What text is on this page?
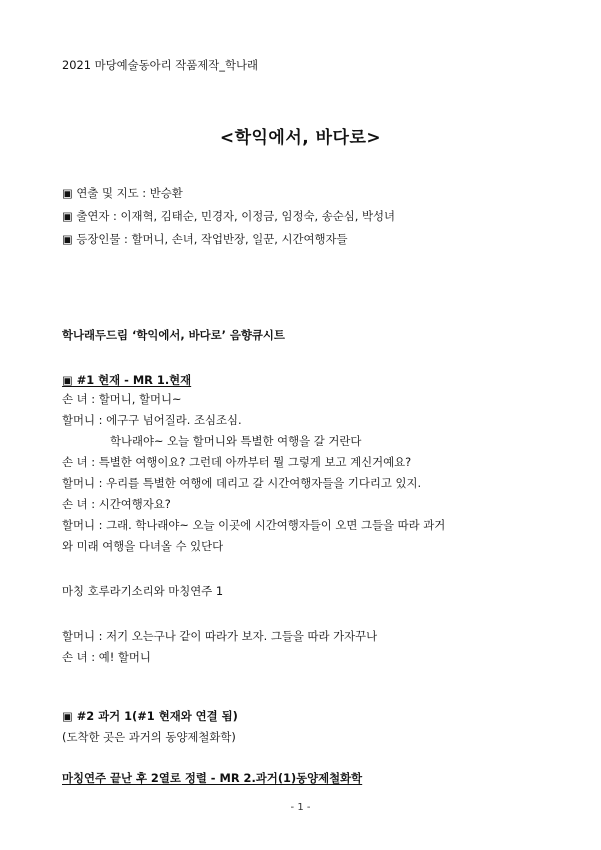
2021 마당예술동아리 작품제작_학나래
<학익에서, 바다로>
▣ 연출 및 지도 : 반승환
▣ 출연자 : 이재혁, 김태순, 민경자, 이정금, 임정숙, 송순심, 박성녀
▣ 등장인물 : 할머니, 손녀, 작업반장, 일꾼, 시간여행자들
학나래두드림 ‘학익에서, 바다로’ 음향큐시트
▣ #1 현재 - MR 1.현재
손 녀 : 할머니, 할머니~
할머니 : 에구구 넘어질라. 조심조심.
학나래야~ 오늘 할머니와 특별한 여행을 갈 거란다
손 녀 : 특별한 여행이요? 그런데 아까부터 뭘 그렇게 보고 계신거예요?
할머니 : 우리를 특별한 여행에 데리고 갈 시간여행자들을 기다리고 있지.
손 녀 : 시간여행자요?
할머니 : 그래. 학나래야~ 오늘 이곳에 시간여행자들이 오면 그들을 따라 과거
와 미래 여행을 다녀올 수 있단다
마칭 호루라기소리와 마칭연주 1
할머니 : 저기 오는구나 같이 따라가 보자. 그들을 따라 가자꾸나
손 녀 : 예! 할머니
▣ #2 과거 1(#1 현재와 연결 됨)
(도착한 곳은 과거의 동양제철화학)
마칭연주 끝난 후 2열로 정렬 - MR 2.과거(1)동양제철화학
- 1 -
